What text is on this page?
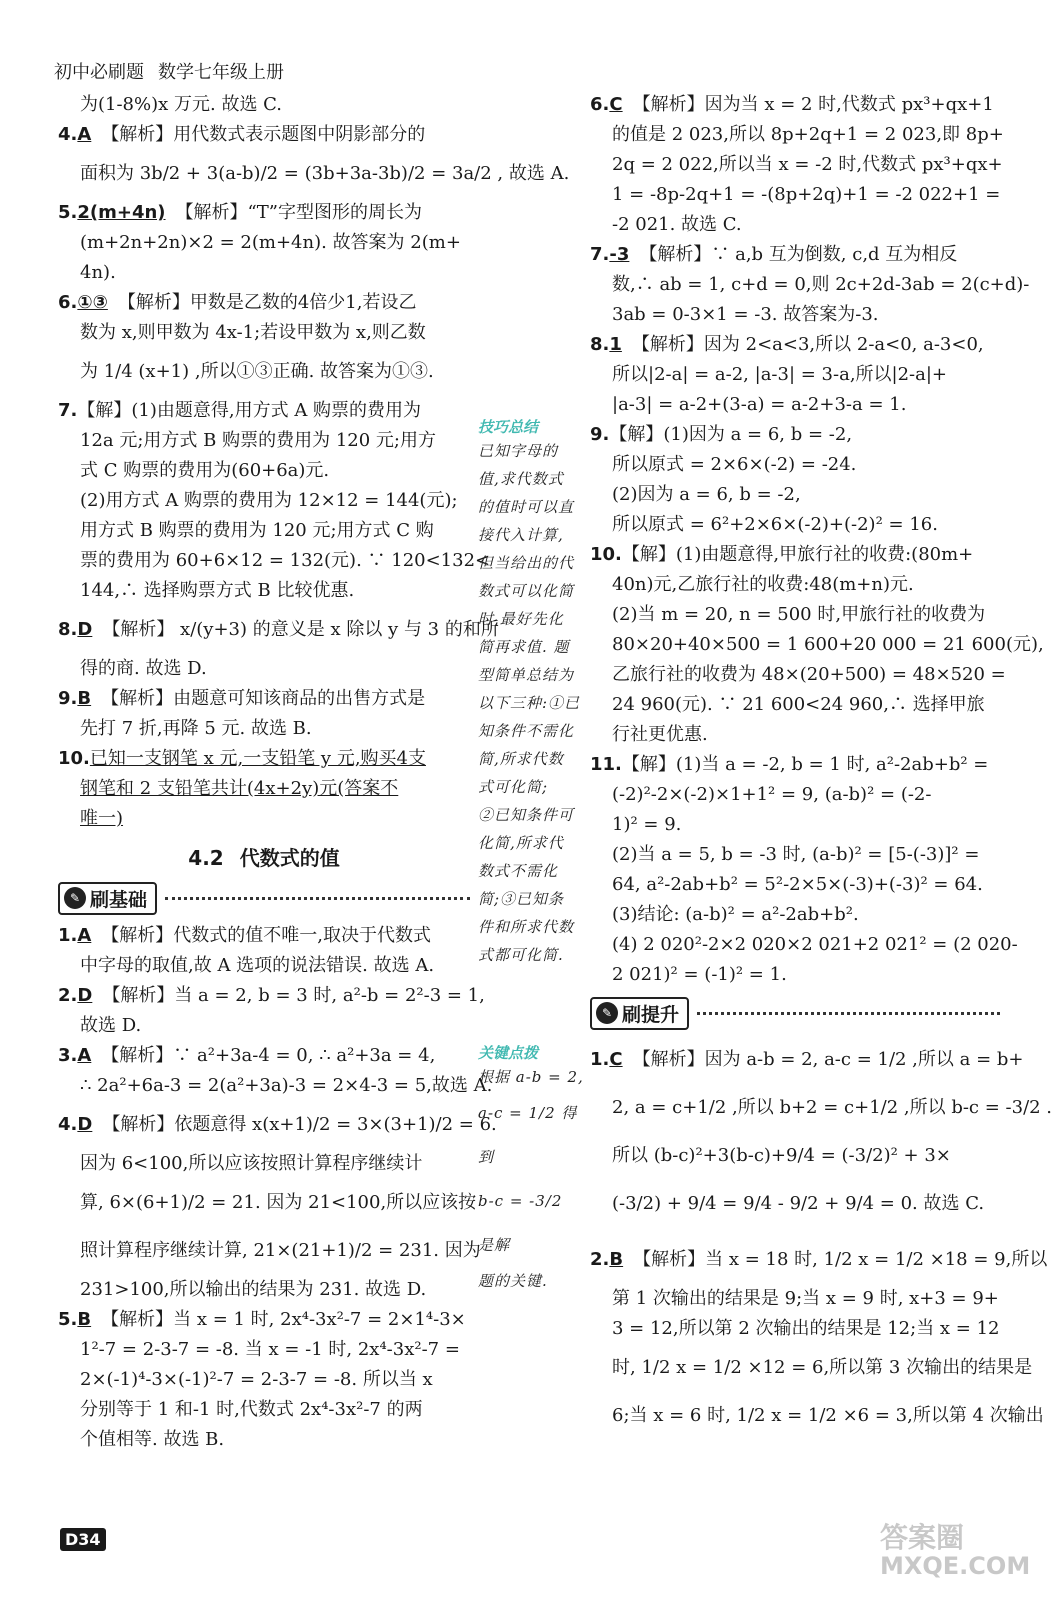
初中必刷题 数学七年级上册
为(1-8%)x 万元. 故选 C.
4.A 【解析】用代数式表示题图中阴影部分的
面积为 3b/2 + 3(a-b)/2 = (3b+3a-3b)/2 = 3a/2 , 故选 A.
5.2(m+4n) 【解析】“T”字型图形的周长为
(m+2n+2n)×2 = 2(m+4n). 故答案为 2(m+
4n).
6.①③ 【解析】甲数是乙数的4倍少1,若设乙
数为 x,则甲数为 4x-1;若设甲数为 x,则乙数
为 1/4 (x+1) ,所以①③正确. 故答案为①③.
7.【解】(1)由题意得,用方式 A 购票的费用为
12a 元;用方式 B 购票的费用为 120 元;用方
式 C 购票的费用为(60+6a)元.
(2)用方式 A 购票的费用为 12×12 = 144(元);
用方式 B 购票的费用为 120 元;用方式 C 购
票的费用为 60+6×12 = 132(元). ∵ 120<132<
144,∴ 选择购票方式 B 比较优惠.
8.D 【解析】 x/(y+3) 的意义是 x 除以 y 与 3 的和所
得的商. 故选 D.
9.B 【解析】由题意可知该商品的出售方式是
先打 7 折,再降 5 元. 故选 B.
10.已知一支钢笔 x 元,一支铅笔 y 元,购买4支
钢笔和 2 支铅笔共计(4x+2y)元(答案不
唯一)
4.2 代数式的值
✎ 刷基础
1.A 【解析】代数式的值不唯一,取决于代数式
中字母的取值,故 A 选项的说法错误. 故选 A.
2.D 【解析】当 a = 2, b = 3 时, a²-b = 2²-3 = 1,
故选 D.
3.A 【解析】∵ a²+3a-4 = 0, ∴ a²+3a = 4,
∴ 2a²+6a-3 = 2(a²+3a)-3 = 2×4-3 = 5,故选 A.
4.D 【解析】依题意得 x(x+1)/2 = 3×(3+1)/2 = 6.
因为 6<100,所以应该按照计算程序继续计
算, 6×(6+1)/2 = 21. 因为 21<100,所以应该按
照计算程序继续计算, 21×(21+1)/2 = 231. 因为
231>100,所以输出的结果为 231. 故选 D.
5.B 【解析】当 x = 1 时, 2x⁴-3x²-7 = 2×1⁴-3×
1²-7 = 2-3-7 = -8. 当 x = -1 时, 2x⁴-3x²-7 =
2×(-1)⁴-3×(-1)²-7 = 2-3-7 = -8. 所以当 x
分别等于 1 和-1 时,代数式 2x⁴-3x²-7 的两
个值相等. 故选 B.
技巧总结
已知字母的
值,求代数式
的值时可以直
接代入计算,
但当给出的代
数式可以化简
时,最好先化
简再求值. 题
型简单总结为
以下三种:①已
知条件不需化
简,所求代数
式可化简;
②已知条件可
化简,所求代
数式不需化
简;③已知条
件和所求代数
式都可化简.
关键点拨
根据 a-b = 2,
a-c = 1/2 得到
b-c = -3/2 是解
题的关键.
6.C 【解析】因为当 x = 2 时,代数式 px³+qx+1
的值是 2 023,所以 8p+2q+1 = 2 023,即 8p+
2q = 2 022,所以当 x = -2 时,代数式 px³+qx+
1 = -8p-2q+1 = -(8p+2q)+1 = -2 022+1 =
-2 021. 故选 C.
7.-3 【解析】∵ a,b 互为倒数, c,d 互为相反
数,∴ ab = 1, c+d = 0,则 2c+2d-3ab = 2(c+d)-
3ab = 0-3×1 = -3. 故答案为-3.
8.1 【解析】因为 2<a<3,所以 2-a<0, a-3<0,
所以|2-a| = a-2, |a-3| = 3-a,所以|2-a|+
|a-3| = a-2+(3-a) = a-2+3-a = 1.
9.【解】(1)因为 a = 6, b = -2,
所以原式 = 2×6×(-2) = -24.
(2)因为 a = 6, b = -2,
所以原式 = 6²+2×6×(-2)+(-2)² = 16.
10.【解】(1)由题意得,甲旅行社的收费:(80m+
40n)元,乙旅行社的收费:48(m+n)元.
(2)当 m = 20, n = 500 时,甲旅行社的收费为
80×20+40×500 = 1 600+20 000 = 21 600(元),
乙旅行社的收费为 48×(20+500) = 48×520 =
24 960(元). ∵ 21 600<24 960,∴ 选择甲旅
行社更优惠.
11.【解】(1)当 a = -2, b = 1 时, a²-2ab+b² =
(-2)²-2×(-2)×1+1² = 9, (a-b)² = (-2-
1)² = 9.
(2)当 a = 5, b = -3 时, (a-b)² = [5-(-3)]² =
64, a²-2ab+b² = 5²-2×5×(-3)+(-3)² = 64.
(3)结论: (a-b)² = a²-2ab+b².
(4) 2 020²-2×2 020×2 021+2 021² = (2 020-
2 021)² = (-1)² = 1.
✎ 刷提升
1.C 【解析】因为 a-b = 2, a-c = 1/2 ,所以 a = b+
2, a = c+1/2 ,所以 b+2 = c+1/2 ,所以 b-c = -3/2 .
所以 (b-c)²+3(b-c)+9/4 = (-3/2)² + 3×
(-3/2) + 9/4 = 9/4 - 9/2 + 9/4 = 0. 故选 C.
2.B 【解析】当 x = 18 时, 1/2 x = 1/2 ×18 = 9,所以
第 1 次输出的结果是 9;当 x = 9 时, x+3 = 9+
3 = 12,所以第 2 次输出的结果是 12;当 x = 12
时, 1/2 x = 1/2 ×12 = 6,所以第 3 次输出的结果是
6;当 x = 6 时, 1/2 x = 1/2 ×6 = 3,所以第 4 次输出
D34	答案圈
MXQE.COM
